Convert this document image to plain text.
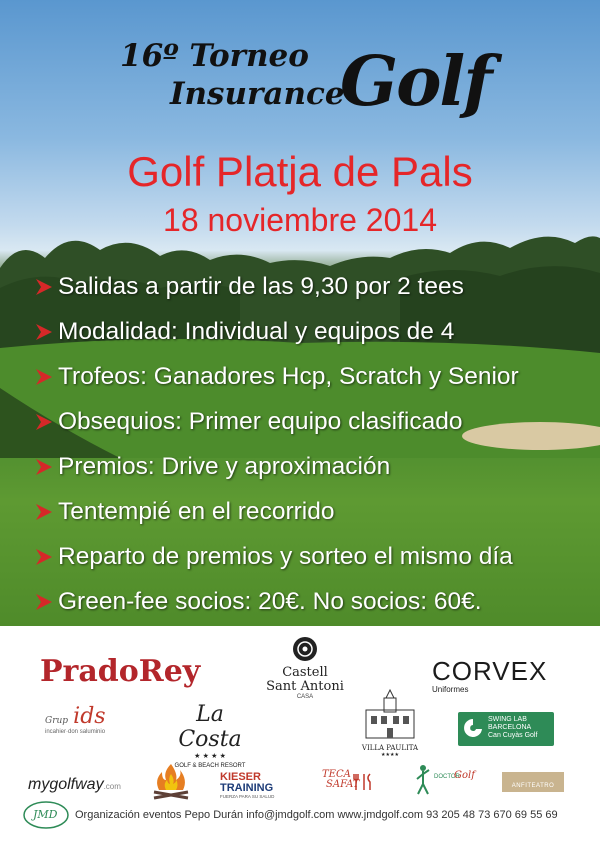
16º Torneo
Insurance
Golf
Golf Platja de Pals
18 noviembre 2014
Salidas a partir de las 9,30 por 2 tees
Modalidad: Individual y equipos de 4
Trofeos: Ganadores Hcp, Scratch y Senior
Obsequios: Primer equipo clasificado
Premios: Drive y aproximación
Tentempié en el recorrido
Reparto de premios y sorteo el mismo día
Green-fee socios: 20€. No socios: 60€.
PradoRey	Castell
Sant Antoni
CASA
CORVEX
Uniformes
Grup ids
incahier·don saluminio
La Costa
★ ★ ★ ★
GOLF & BEACH RESORT
VILLA PAULITA
★★★★
SWING LAB
BARCELONA
Can Cuyàs Golf
mygolfway.com
KIESER
TRAINING
FUERZA PARA SU SALUD
TECA
SAFAT
DOCTOR
Golf
ANFITEATRO
JMD Organización eventos Pepo Durán info@jmdgolf.com www.jmdgolf.com 93 205 48 73 670 69 55 69
